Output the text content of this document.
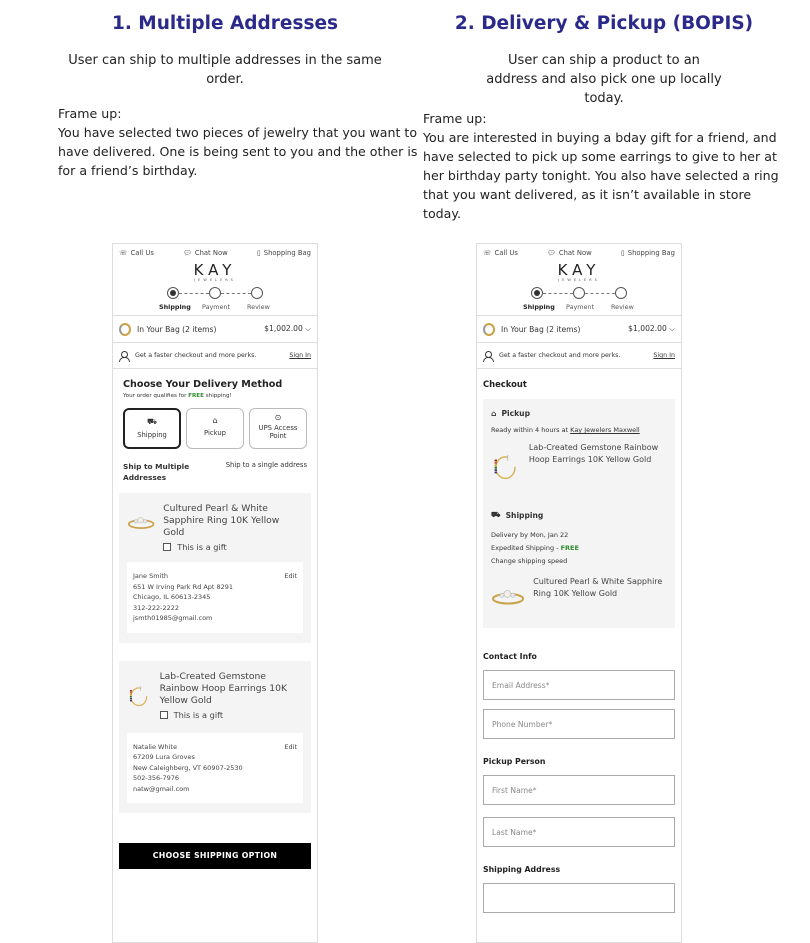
1. Multiple Addresses
User can ship to multiple addresses in the same order.
Frame up:
You have selected two pieces of jewelry that you want to have delivered. One is being sent to you and the other is for a friend’s birthday.
2. Delivery & Pickup (BOPIS)
User can ship a product to an address and also pick one up locally today.
Frame up:
You are interested in buying a bday gift for a friend, and have selected to pick up some earrings to give to her at her birthday party tonight. You also have selected a ring that you want delivered, as it isn’t available in store today.
☏ Call Us	💬︎ Chat Now	▯ Shopping Bag
KAY
JEWELERS
Shipping Payment	Review
In Your Bag (2 items)	$1,002.00 ⌵
Get a faster checkout and more perks.	Sign In
Choose Your Delivery Method
Your order qualifies for FREE shipping!
⛟
Shipping
⌂
Pickup
⊙
UPS Access Point
Ship to Multiple Addresses
Ship to a single address
Cultured Pearl & White Sapphire Ring 10K Yellow Gold
This is a gift
Edit
Jane Smith
651 W Irving Park Rd Apt 8291
Chicago, IL 60613-2345
312-222-2222
jsmth01985@gmail.com
Lab-Created Gemstone Rainbow Hoop Earrings 10K Yellow Gold
This is a gift
Edit
Natalie White
67209 Lura Groves
New Caleighberg, VT 60907-2530
502-356-7976
natw@gmail.com
CHOOSE SHIPPING OPTION
☏ Call Us	💬︎ Chat Now	▯ Shopping Bag
KAY
JEWELERS
Shipping Payment	Review
In Your Bag (2 items)	$1,002.00 ⌵
Get a faster checkout and more perks.	Sign In
Checkout
⌂ Pickup
Ready within 4 hours at Kay Jewelers Maxwell
Lab-Created Gemstone Rainbow Hoop Earrings 10K Yellow Gold
⛟ Shipping
Delivery by Mon, Jan 22
Expedited Shipping - FREE
Change shipping speed
Cultured Pearl & White Sapphire Ring 10K Yellow Gold
Contact Info
Email Address*
Phone Number*
Pickup Person
First Name*
Last Name*
Shipping Address
